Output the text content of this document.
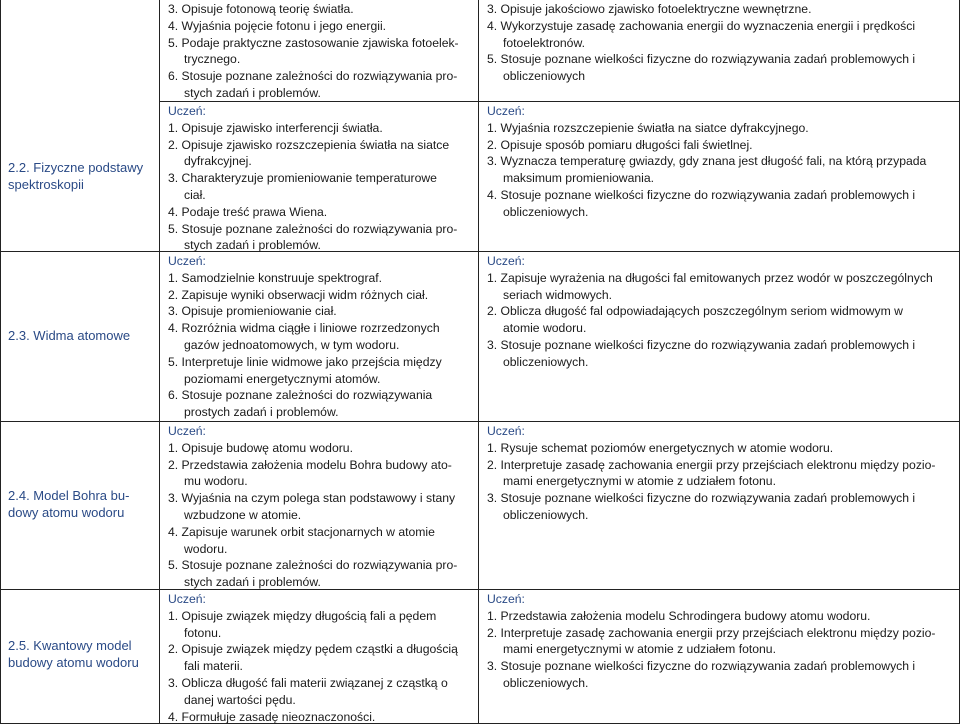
2.2. Fizyczne podstawy
spektroskopii
2.3. Widma atomowe
2.4. Model Bohra bu-
dowy atomu wodoru
2.5. Kwantowy model
budowy atomu wodoru
3. Opisuje fotonową teorię światła.
4. Wyjaśnia pojęcie fotonu i jego energii.
5. Podaje praktyczne zastosowanie zjawiska fotoelek-
trycznego.
6. Stosuje poznane zależności do rozwiązywania pro-
stych zadań i problemów.
Uczeń:
1. Opisuje zjawisko interferencji światła.
2. Opisuje zjawisko rozszczepienia światła na siatce
dyfrakcyjnej.
3. Charakteryzuje promieniowanie temperaturowe
ciał.
4. Podaje treść prawa Wiena.
5. Stosuje poznane zależności do rozwiązywania pro-
stych zadań i problemów.
Uczeń:
1. Samodzielnie konstruuje spektrograf.
2. Zapisuje wyniki obserwacji widm różnych ciał.
3. Opisuje promieniowanie ciał.
4. Rozróżnia widma ciągłe i liniowe rozrzedzonych
gazów jednoatomowych, w tym wodoru.
5. Interpretuje linie widmowe jako przejścia między
poziomami energetycznymi atomów.
6. Stosuje poznane zależności do rozwiązywania
prostych zadań i problemów.
Uczeń:
1. Opisuje budowę atomu wodoru.
2. Przedstawia założenia modelu Bohra budowy ato-
mu wodoru.
3. Wyjaśnia na czym polega stan podstawowy i stany
wzbudzone w atomie.
4. Zapisuje warunek orbit stacjonarnych w atomie
wodoru.
5. Stosuje poznane zależności do rozwiązywania pro-
stych zadań i problemów.
Uczeń:
1. Opisuje związek między długością fali a pędem
fotonu.
2. Opisuje związek między pędem cząstki a długością
fali materii.
3. Oblicza długość fali materii związanej z cząstką o
danej wartości pędu.
4. Formułuje zasadę nieoznaczoności.
3. Opisuje jakościowo zjawisko fotoelektryczne wewnętrzne.
4. Wykorzystuje zasadę zachowania energii do wyznaczenia energii i prędkości
fotoelektronów.
5. Stosuje poznane wielkości fizyczne do rozwiązywania zadań problemowych i
obliczeniowych
Uczeń:
1. Wyjaśnia rozszczepienie światła na siatce dyfrakcyjnego.
2. Opisuje sposób pomiaru długości fali świetlnej.
3. Wyznacza temperaturę gwiazdy, gdy znana jest długość fali, na którą przypada
maksimum promieniowania.
4. Stosuje poznane wielkości fizyczne do rozwiązywania zadań problemowych i
obliczeniowych.
Uczeń:
1. Zapisuje wyrażenia na długości fal emitowanych przez wodór w poszczególnych
seriach widmowych.
2. Oblicza długość fal odpowiadających poszczególnym seriom widmowym w
atomie wodoru.
3. Stosuje poznane wielkości fizyczne do rozwiązywania zadań problemowych i
obliczeniowych.
Uczeń:
1. Rysuje schemat poziomów energetycznych w atomie wodoru.
2. Interpretuje zasadę zachowania energii przy przejściach elektronu między pozio-
mami energetycznymi w atomie z udziałem fotonu.
3. Stosuje poznane wielkości fizyczne do rozwiązywania zadań problemowych i
obliczeniowych.
Uczeń:
1. Przedstawia założenia modelu Schrodingera budowy atomu wodoru.
2. Interpretuje zasadę zachowania energii przy przejściach elektronu między pozio-
mami energetycznymi w atomie z udziałem fotonu.
3. Stosuje poznane wielkości fizyczne do rozwiązywania zadań problemowych i
obliczeniowych.
